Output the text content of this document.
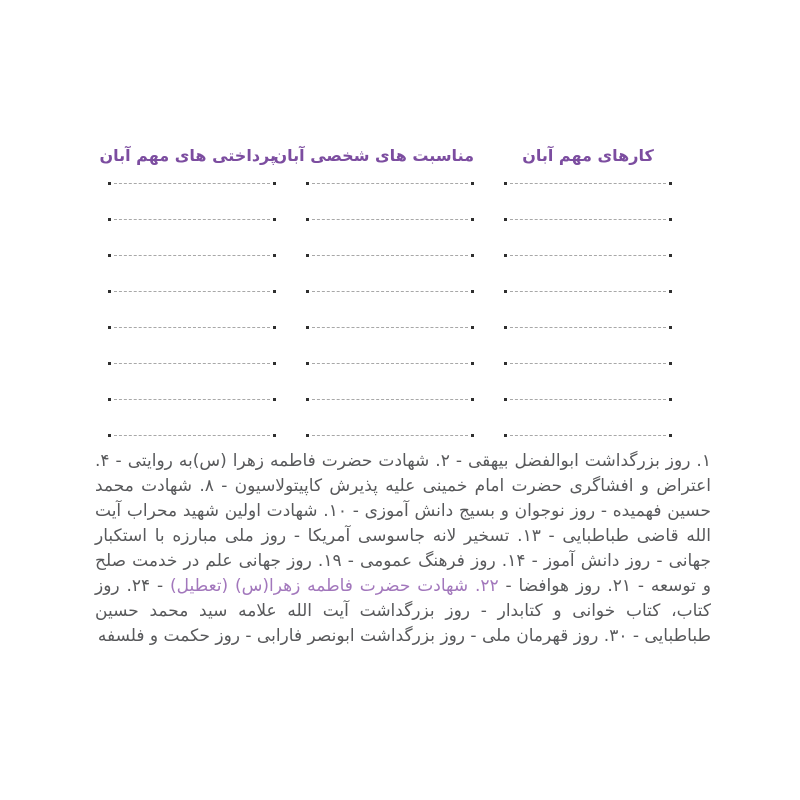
کارهای مهم آبان
مناسبت های شخصی آبان
پرداختی های مهم آبان

۱. روز بزرگداشت ابوالفضل بیهقی - ۲. شهادت حضرت فاطمه زهرا (س)به روایتی - ۴. اعتراض و افشاگری حضرت امام خمینی علیه پذیرش کاپیتولاسیون - ۸. شهادت محمد حسین فهمیده - روز نوجوان و بسیج دانش آموزی - ۱۰. شهادت اولین شهید محراب آیت الله قاضی طباطبایی - ۱۳. تسخیر لانه جاسوسی آمریکا - روز ملی مبارزه با استکبار جهانی - روز دانش آموز - ۱۴. روز فرهنگ عمومی - ۱۹. روز جهانی علم در خدمت صلح و توسعه - ۲۱. روز هوافضا - ۲۲. شهادت حضرت فاطمه زهرا(س) (تعطیل) - ۲۴. روز کتاب، کتاب خوانی و کتابدار - روز بزرگداشت آیت الله علامه سید محمد حسین طباطبایی - ۳۰. روز قهرمان ملی - روز بزرگداشت ابونصر فارابی - روز حکمت و فلسفه
